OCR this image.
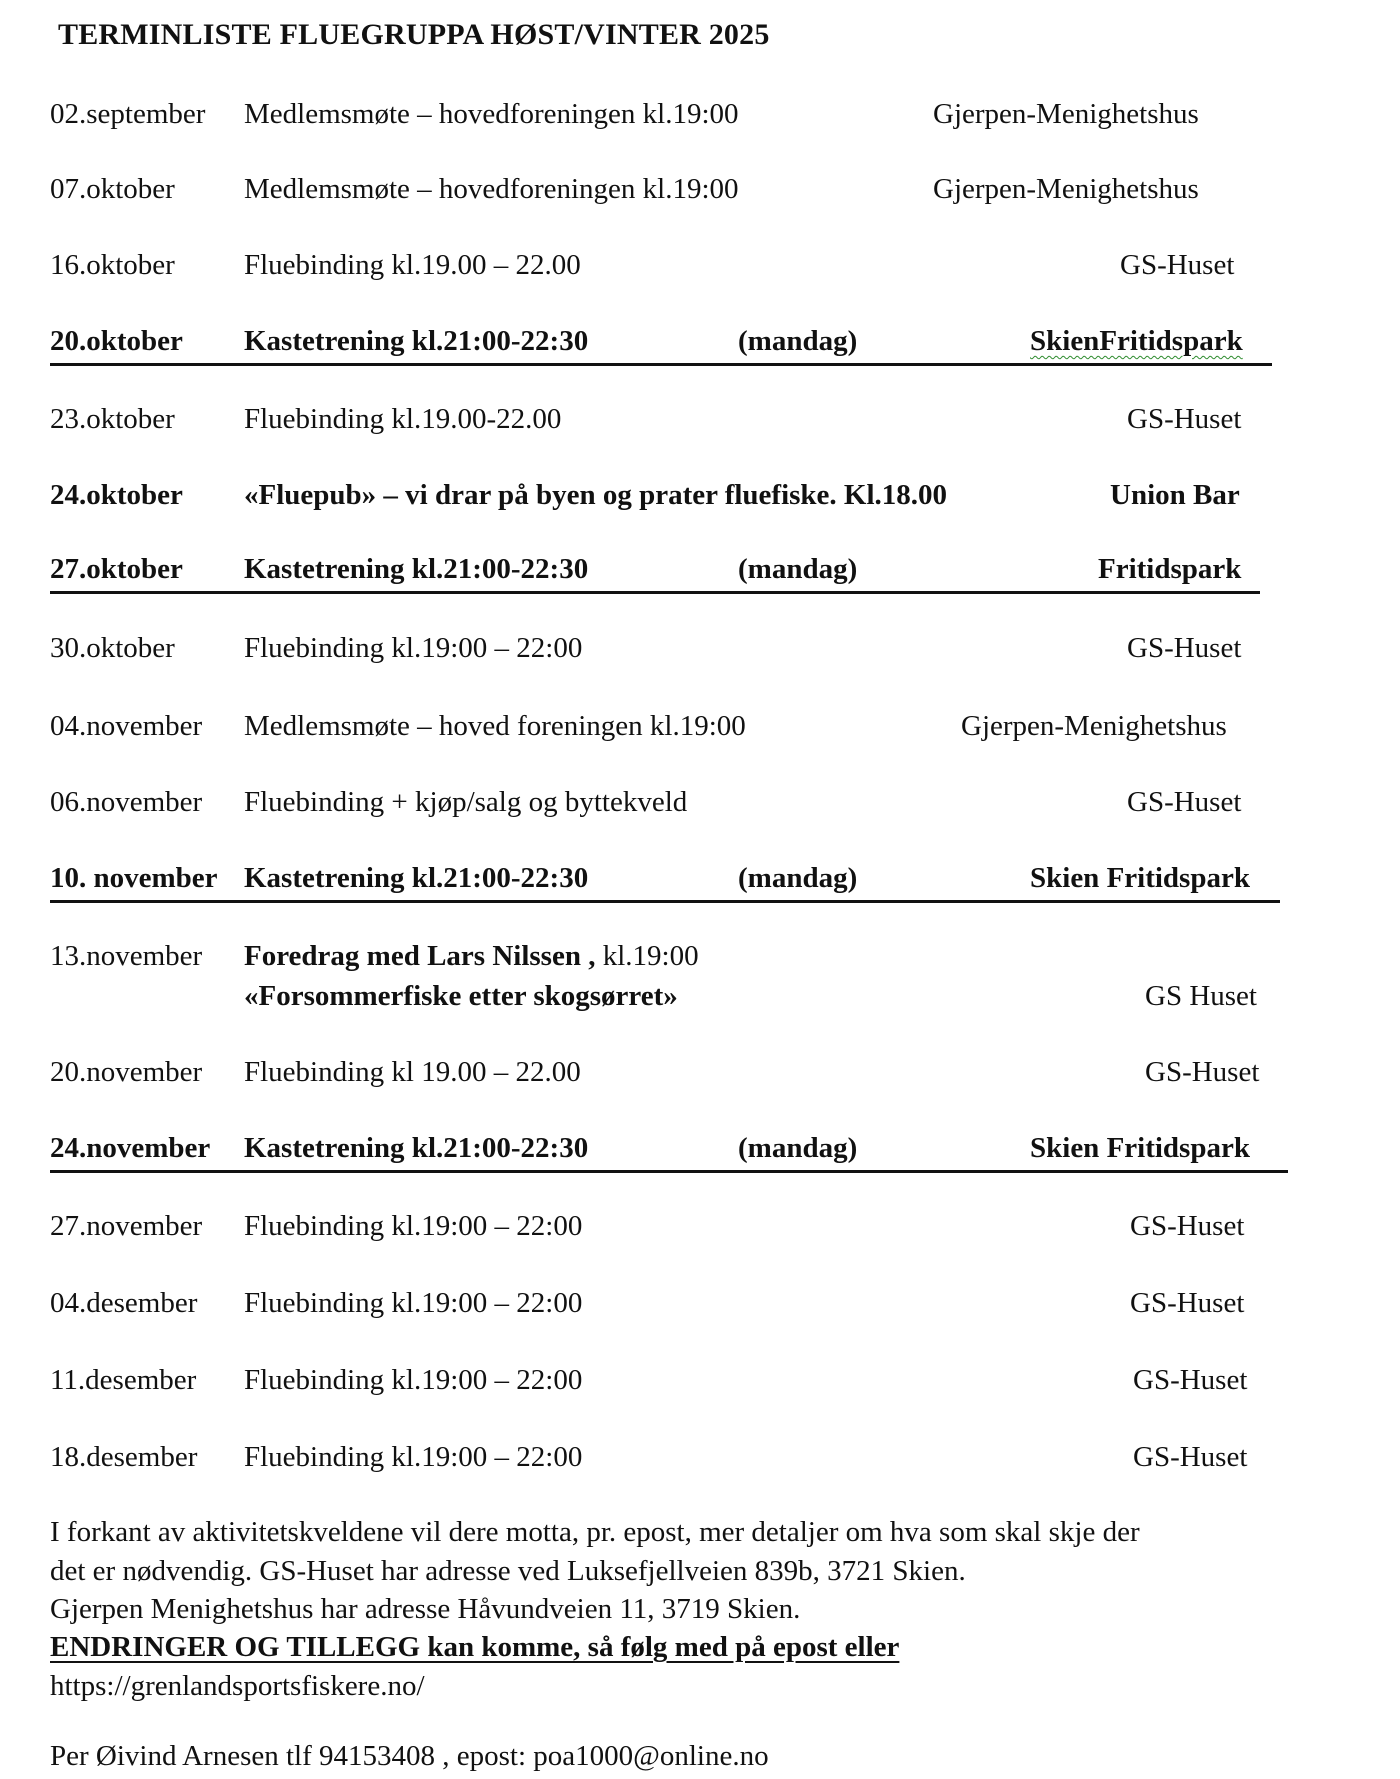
TERMINLISTE FLUEGRUPPA HØST/VINTER 2025
02.september Medlemsmøte – hovedforeningen kl.19:00	Gjerpen-Menighetshus
07.oktober Medlemsmøte – hovedforeningen kl.19:00	Gjerpen-Menighetshus
16.oktober Fluebinding kl.19.00 – 22.00	GS-Huset
20.oktober Kastetrening kl.21:00-22:30	(mandag)	SkienFritidspark
23.oktober Fluebinding kl.19.00-22.00	GS-Huset
24.oktober «Fluepub» – vi drar på byen og prater fluefiske. Kl.18.00	Union Bar
27.oktober Kastetrening kl.21:00-22:30	(mandag)	Fritidspark
30.oktober Fluebinding kl.19:00 – 22:00	GS-Huset
04.november Medlemsmøte – hoved foreningen kl.19:00	Gjerpen-Menighetshus
06.november Fluebinding + kjøp/salg og byttekveld	GS-Huset
10. november Kastetrening kl.21:00-22:30	(mandag)	Skien Fritidspark
13.november Foredrag med Lars Nilssen , kl.19:00
«Forsommerfiske etter skogsørret»	GS Huset
20.november Fluebinding kl 19.00 – 22.00	GS-Huset
24.november Kastetrening kl.21:00-22:30	(mandag)	Skien Fritidspark
27.november Fluebinding kl.19:00 – 22:00	GS-Huset
04.desember Fluebinding kl.19:00 – 22:00	GS-Huset
11.desember Fluebinding kl.19:00 – 22:00	GS-Huset
18.desember Fluebinding kl.19:00 – 22:00	GS-Huset
I forkant av aktivitetskveldene vil dere motta, pr. epost, mer detaljer om hva som skal skje der
det er nødvendig. GS-Huset har adresse ved Luksefjellveien 839b, 3721 Skien.
Gjerpen Menighetshus har adresse Håvundveien 11, 3719 Skien.
ENDRINGER OG TILLEGG kan komme, så følg med på epost eller
https://grenlandsportsfiskere.no/
Per Øivind Arnesen tlf 94153408 , epost: poa1000@online.no
